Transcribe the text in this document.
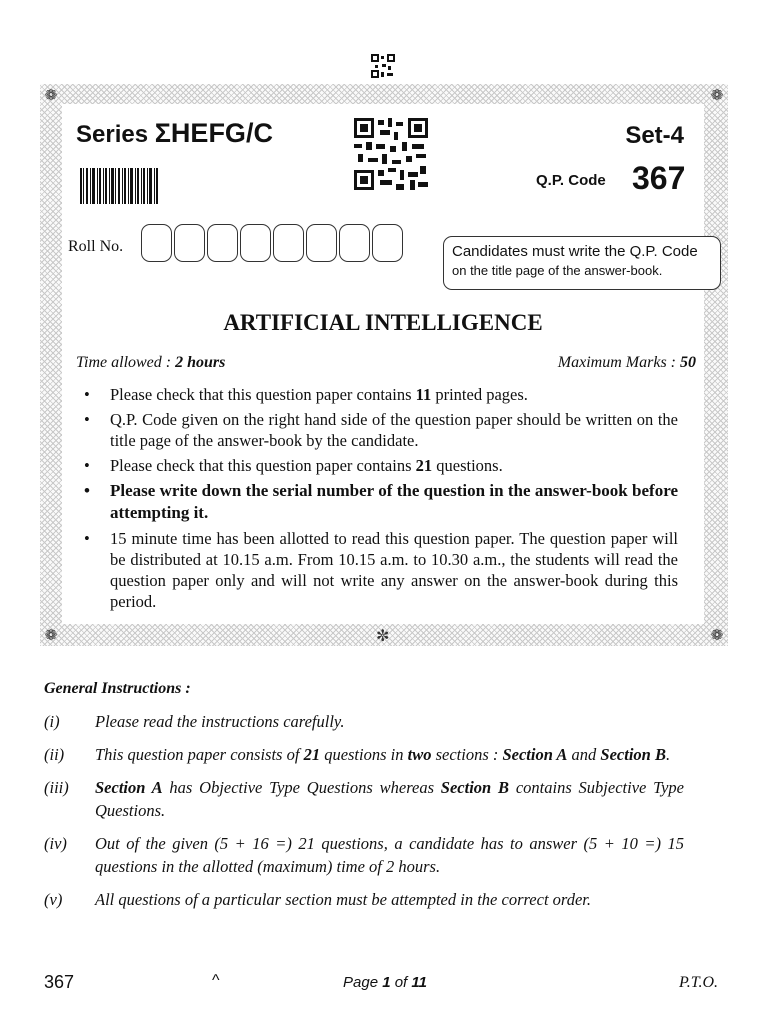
❁	❁
❁	❁
✼
Series ΣHEFG/C	Set-4
Q.P. Code 367
Roll No.	Candidates must write the Q.P. Code
on the title page of the answer-book.
ARTIFICIAL INTELLIGENCE
Time allowed : 2 hours	Maximum Marks : 50
• Please check that this question paper contains 11 printed pages.
• Q.P. Code given on the right hand side of the question paper should be written on the title page of the answer-book by the candidate.
• Please check that this question paper contains 21 questions.
• Please write down the serial number of the question in the answer-book before attempting it.
• 15 minute time has been allotted to read this question paper. The question paper will be distributed at 10.15 a.m. From 10.15 a.m. to 10.30 a.m., the students will read the question paper only and will not write any answer on the answer-book during this period.
General Instructions :
(i)	Please read the instructions carefully.
(ii)	This question paper consists of 21 questions in two sections : Section A and Section B.
(iii)	Section A has Objective Type Questions whereas Section B contains Subjective Type Questions.
(iv)	Out of the given (5 + 16 =) 21 questions, a candidate has to answer (5 + 10 =) 15 questions in the allotted (maximum) time of 2 hours.
(v)	All questions of a particular section must be attempted in the correct order.
367	^	Page 1 of 11	P.T.O.
